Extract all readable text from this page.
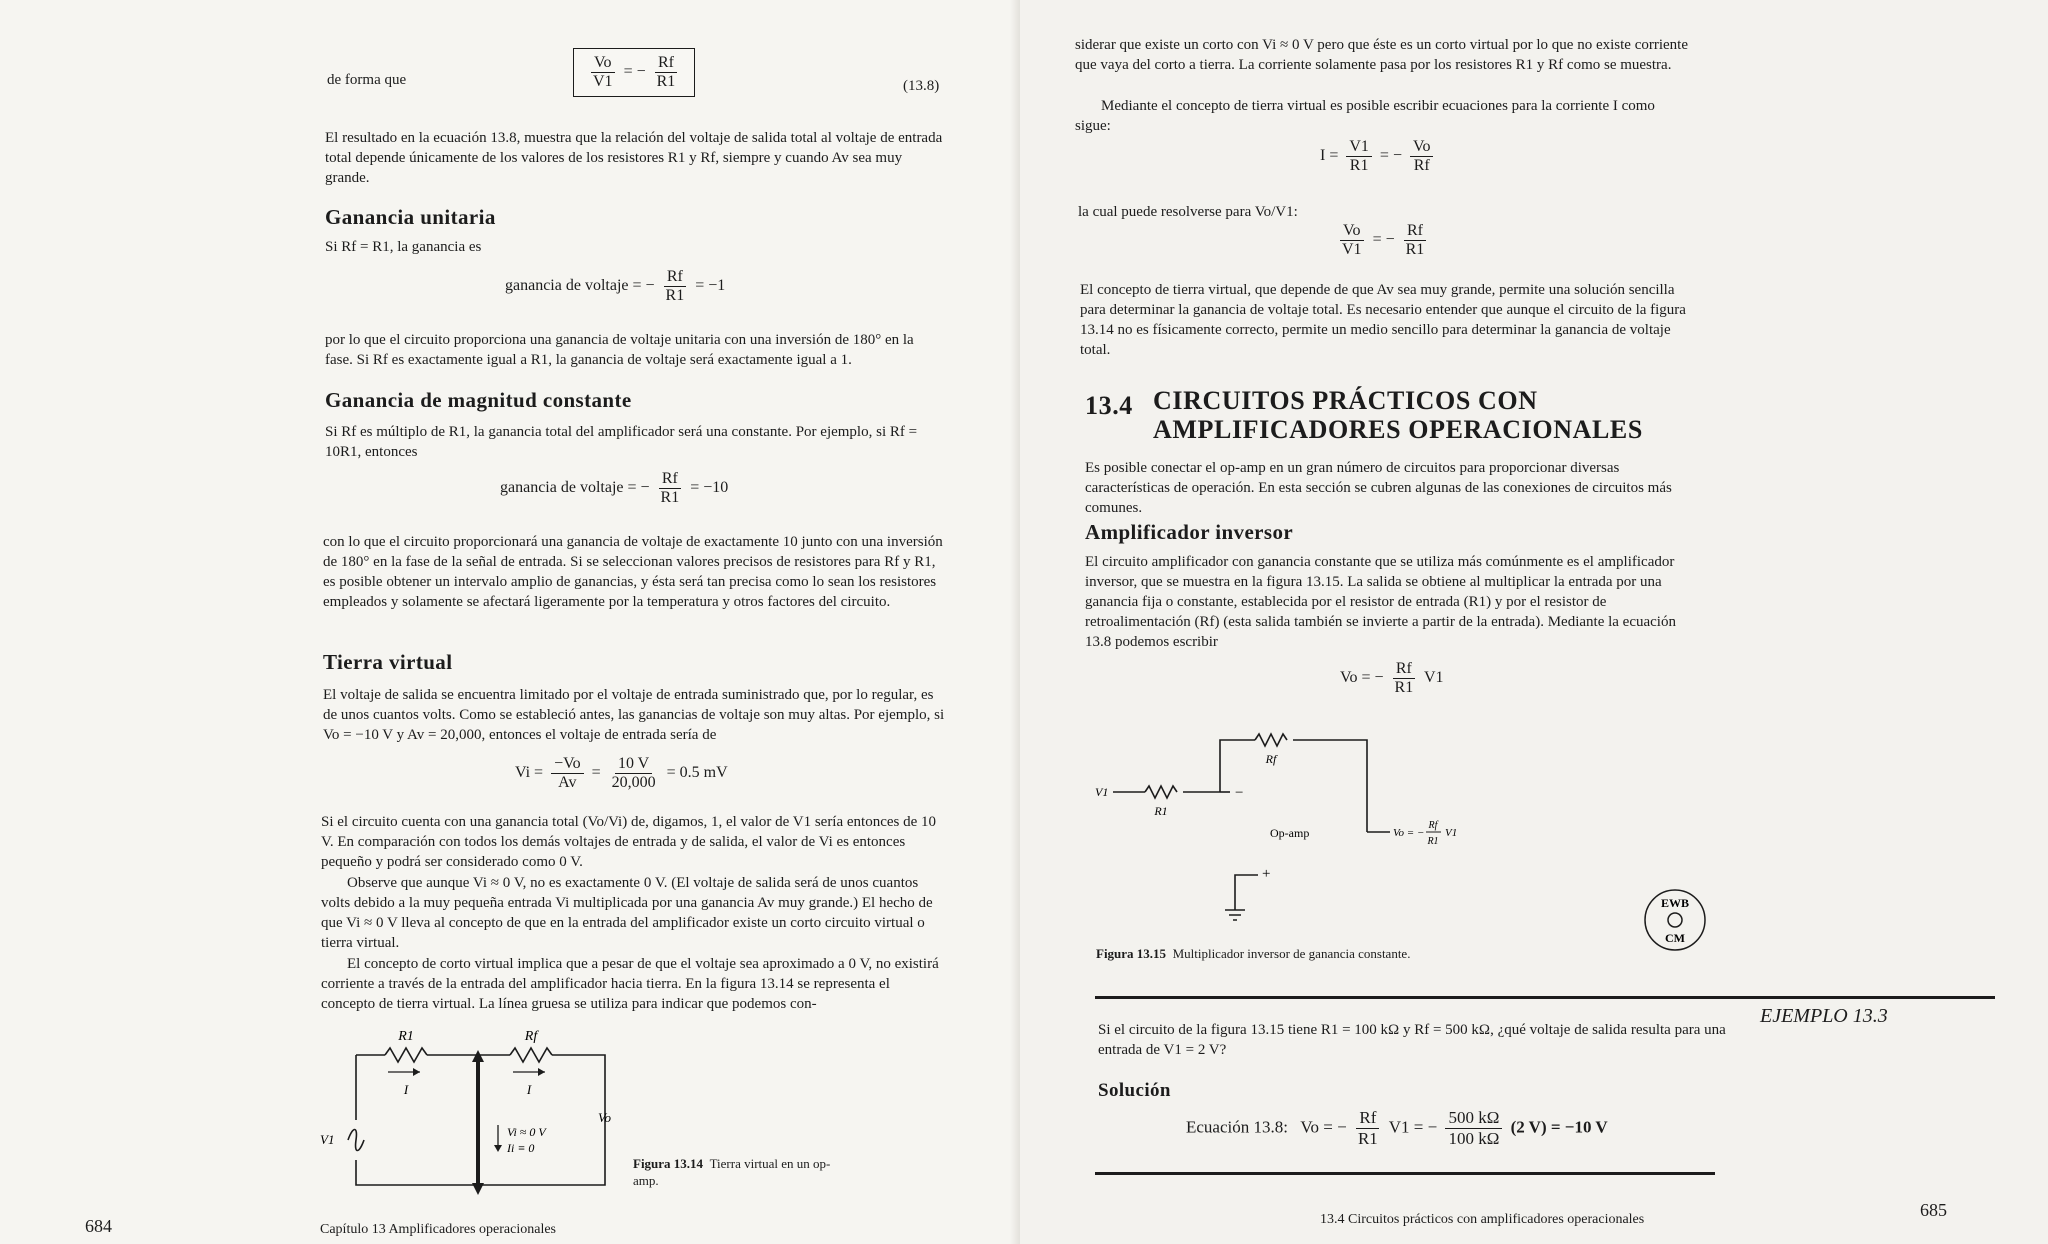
de forma que	$\frac{Vo}{V1}$ = − $\frac{Rf}{R1}$	(13.8)

El resultado en la ecuación 13.8, muestra que la relación del voltaje de salida total al voltaje de entrada total depende únicamente de los valores de los resistores R1 y Rf, siempre y cuando Av sea muy grande.

Ganancia unitaria

Si Rf = R1, la ganancia es

ganancia de voltaje = − $\frac{Rf}{R1} = -1$

por lo que el circuito proporciona una ganancia de voltaje unitaria con una inversión de 180° en la fase. Si Rf es exactamente igual a R1, la ganancia de voltaje será exactamente igual a 1.

Ganancia de magnitud constante

Si Rf es múltiplo de R1, la ganancia total del amplificador será una constante. Por ejemplo, si Rf = 10R1, entonces

ganancia de voltaje = − $\frac{Rf}{R1} = -10$

con lo que el circuito proporcionará una ganancia de voltaje de exactamente 10 junto con una inversión de 180° en la fase de la señal de entrada. Si se seleccionan valores precisos de resistores para Rf y R1, es posible obtener un intervalo amplio de ganancias, y ésta será tan precisa como lo sean los resistores empleados y solamente se afectará ligeramente por la temperatura y otros factores del circuito.

Tierra virtual

El voltaje de salida se encuentra limitado por el voltaje de entrada suministrado que, por lo regular, es de unos cuantos volts. Como se estableció antes, las ganancias de voltaje son muy altas. Por ejemplo, si Vo = −10 V y Av = 20,000, entonces el voltaje de entrada sería de

$Vi = \frac{-Vo}{Av} = \frac{10 V}{20,000} = 0.5$ mV

Si el circuito cuenta con una ganancia total (Vo/Vi) de, digamos, 1, el valor de V1 sería entonces de 10 V. En comparación con todos los demás voltajes de entrada y de salida, el valor de Vi es entonces pequeño y podrá ser considerado como 0 V.

Observe que aunque Vi ≈ 0 V, no es exactamente 0 V. (El voltaje de salida será de unos cuantos volts debido a la muy pequeña entrada Vi multiplicada por una ganancia Av muy grande.) El hecho de que Vi ≈ 0 V lleva al concepto de que en la entrada del amplificador existe un corto circuito virtual o tierra virtual.

El concepto de corto virtual implica que a pesar de que el voltaje sea aproximado a 0 V, no existirá corriente a través de la entrada del amplificador hacia tierra. En la figura 13.14 se representa el concepto de tierra virtual. La línea gruesa se utiliza para indicar que podemos con-

R1	Rf
I	I
V1
Vo
Vi ≈ 0 V
Ii ≡ 0
Figura 13.14 Tierra virtual en un op-amp.
684	Capítulo 13 Amplificadores operacionales

siderar que existe un corto con Vi ≈ 0 V pero que éste es un corto virtual por lo que no existe corriente que vaya del corto a tierra. La corriente solamente pasa por los resistores R1 y Rf como se muestra.

Mediante el concepto de tierra virtual es posible escribir ecuaciones para la corriente I como sigue:

$I = \frac{V1}{R1}$ = − $\frac{Vo}{Rf}$

la cual puede resolverse para Vo/V1:

$\frac{Vo}{V1}$ = − $\frac{Rf}{R1}$

El concepto de tierra virtual, que depende de que Av sea muy grande, permite una solución sencilla para determinar la ganancia de voltaje total. Es necesario entender que aunque el circuito de la figura 13.14 no es físicamente correcto, permite un medio sencillo para determinar la ganancia de voltaje total.

13.4 CIRCUITOS PRÁCTICOS CON
AMPLIFICADORES OPERACIONALES

Es posible conectar el op-amp en un gran número de circuitos para proporcionar diversas características de operación. En esta sección se cubren algunas de las conexiones de circuitos más comunes.

Amplificador inversor

El circuito amplificador con ganancia constante que se utiliza más comúnmente es el amplificador inversor, que se muestra en la figura 13.15. La salida se obtiene al multiplicar la entrada por una ganancia fija o constante, establecida por el resistor de entrada (R1) y por el resistor de retroalimentación (Rf) (esta salida también se invierte a partir de la entrada). Mediante la ecuación 13.8 podemos escribir

Vo = − $\frac{Rf}{R1} V1$
V1
R1
Rf
−
+
Op-amp	Vo = −
Rf
R1
V1
EWB
CM
Figura 13.15 Multiplicador inversor de ganancia constante.
EJEMPLO 13.3

Si el circuito de la figura 13.15 tiene R1 = 100 kΩ y Rf = 500 kΩ, ¿qué voltaje de salida resulta para una entrada de V1 = 2 V?

Solución
Ecuación 13.8: Vo = − $\frac{Rf}{R1} V1$ = − $\frac{500 k\Omega}{100 k\Omega} (2$ V) = −10 V
13.4 Circuitos prácticos con amplificadores operacionales	685
